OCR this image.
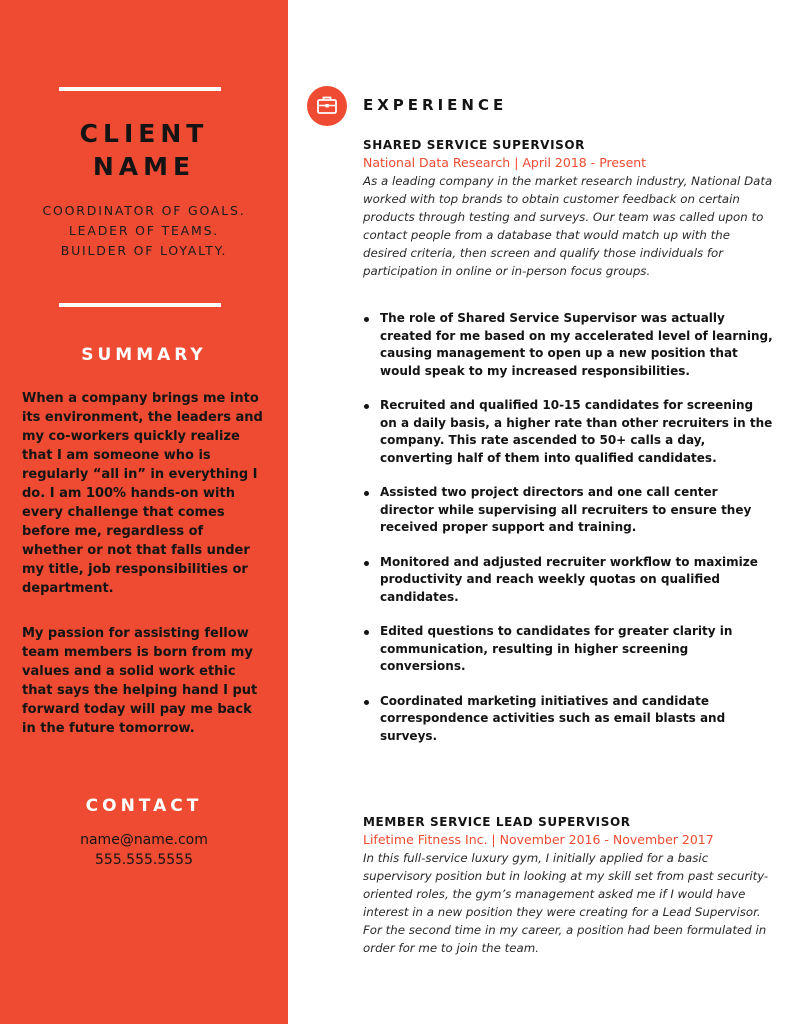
CLIENT
NAME
COORDINATOR OF GOALS.
LEADER OF TEAMS.
BUILDER OF LOYALTY.
SUMMARY

When a company brings me into its environment, the leaders and my co-workers quickly realize that I am someone who is regularly “all in” in everything I do. I am 100% hands-on with every challenge that comes before me, regardless of whether or not that falls under my title, job responsibilities or department.

My passion for assisting fellow team members is born from my values and a solid work ethic that says the helping hand I put forward today will pay me back in the future tomorrow.

CONTACT
name@name.com
555.555.5555
EXPERIENCE
SHARED SERVICE SUPERVISOR
National Data Research | April 2018 - Present

As a leading company in the market research industry, National Data worked with top brands to obtain customer feedback on certain products through testing and surveys. Our team was called upon to contact people from a database that would match up with the desired criteria, then screen and qualify those individuals for participation in online or in-person focus groups.

The role of Shared Service Supervisor was actually created for me based on my accelerated level of learning, causing management to open up a new position that would speak to my increased responsibilities.
Recruited and qualified 10-15 candidates for screening on a daily basis, a higher rate than other recruiters in the company. This rate ascended to 50+ calls a day, converting half of them into qualified candidates.
Assisted two project directors and one call center director while supervising all recruiters to ensure they received proper support and training.
Monitored and adjusted recruiter workflow to maximize productivity and reach weekly quotas on qualified candidates.
Edited questions to candidates for greater clarity in communication, resulting in higher screening conversions.
Coordinated marketing initiatives and candidate correspondence activities such as email blasts and surveys.
MEMBER SERVICE LEAD SUPERVISOR
Lifetime Fitness Inc. | November 2016 - November 2017

In this full-service luxury gym, I initially applied for a basic supervisory position but in looking at my skill set from past security-oriented roles, the gym’s management asked me if I would have interest in a new position they were creating for a Lead Supervisor. For the second time in my career, a position had been formulated in order for me to join the team.
